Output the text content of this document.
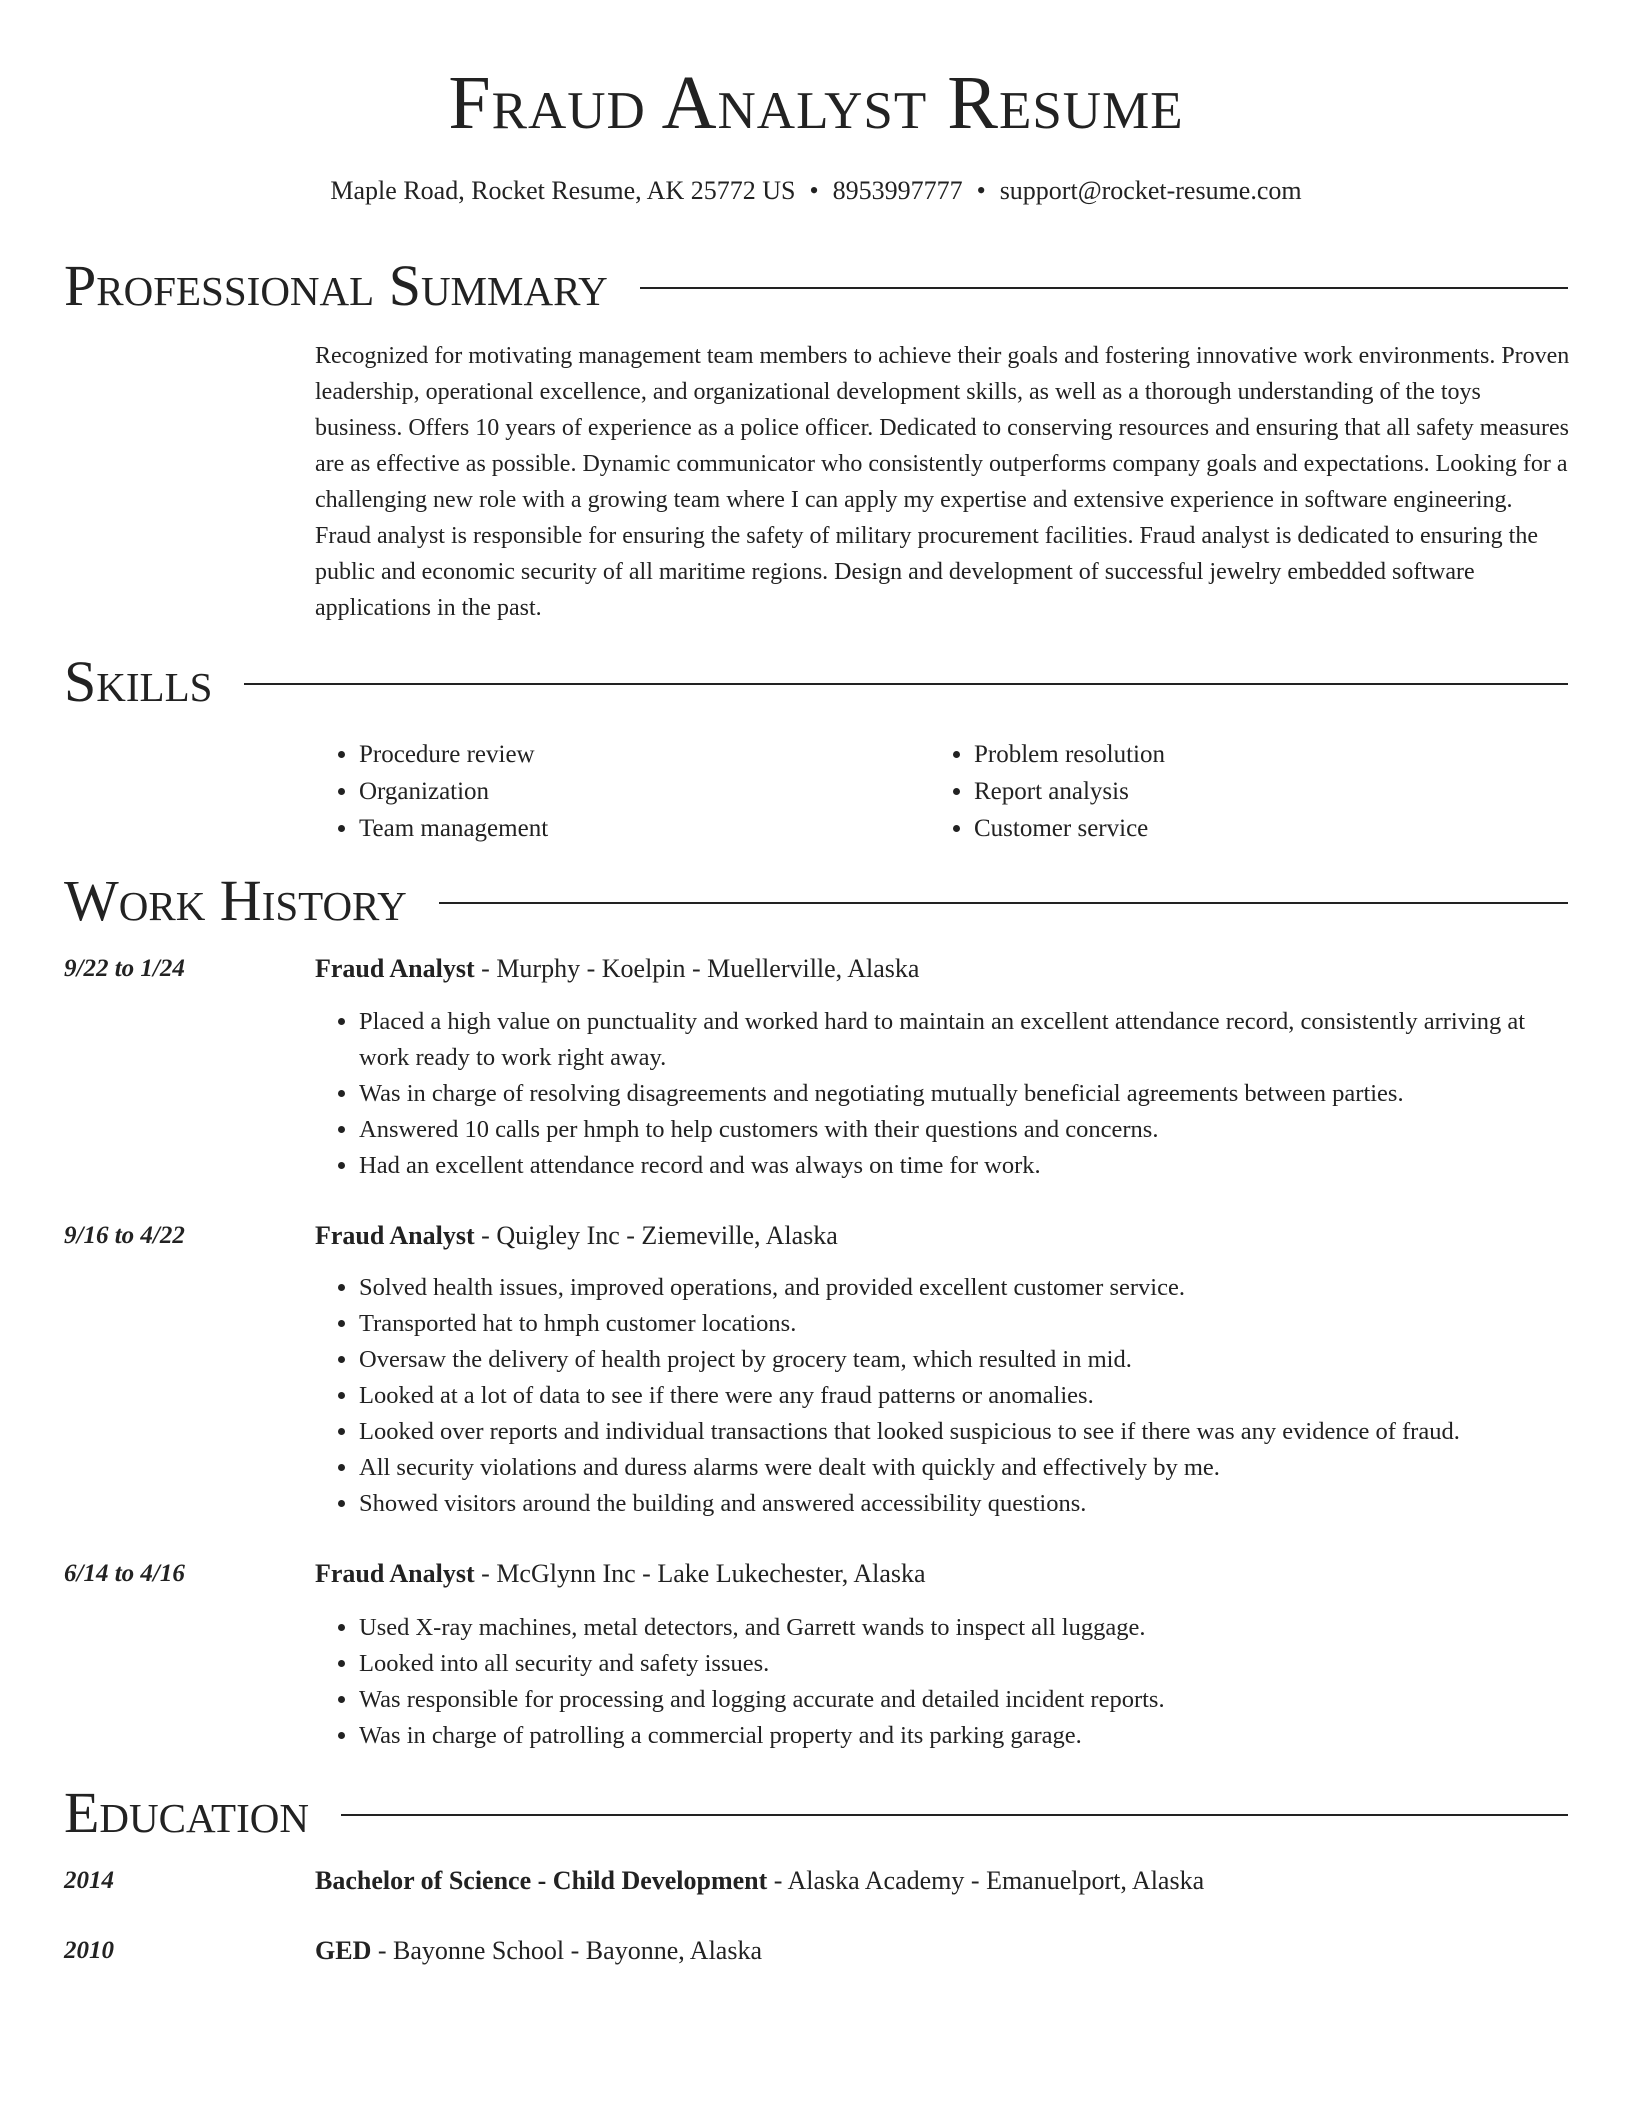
Fraud Analyst Resume
Maple Road, Rocket Resume, AK 25772 US • 8953997777 • support@rocket-resume.com
Professional Summary

Recognized for motivating management team members to achieve their goals and fostering innovative work environments. Proven leadership, operational excellence, and organizational development skills, as well as a thorough understanding of the toys business. Offers 10 years of experience as a police officer. Dedicated to conserving resources and ensuring that all safety measures are as effective as possible. Dynamic communicator who consistently outperforms company goals and expectations. Looking for a challenging new role with a growing team where I can apply my expertise and extensive experience in software engineering. Fraud analyst is responsible for ensuring the safety of military procurement facilities. Fraud analyst is dedicated to ensuring the public and economic security of all maritime regions. Design and development of successful jewelry embedded software applications in the past.

Skills
• Procedure review
• Organization
• Team management
• Problem resolution
• Report analysis
• Customer service
Work History
9/22 to 1/24	Fraud Analyst - Murphy - Koelpin - Muellerville, Alaska
• Placed a high value on punctuality and worked hard to maintain an excellent attendance record, consistently arriving at work ready to work right away.
• Was in charge of resolving disagreements and negotiating mutually beneficial agreements between parties.
• Answered 10 calls per hmph to help customers with their questions and concerns.
• Had an excellent attendance record and was always on time for work.
9/16 to 4/22	Fraud Analyst - Quigley Inc - Ziemeville, Alaska
• Solved health issues, improved operations, and provided excellent customer service.
• Transported hat to hmph customer locations.
• Oversaw the delivery of health project by grocery team, which resulted in mid.
• Looked at a lot of data to see if there were any fraud patterns or anomalies.
• Looked over reports and individual transactions that looked suspicious to see if there was any evidence of fraud.
• All security violations and duress alarms were dealt with quickly and effectively by me.
• Showed visitors around the building and answered accessibility questions.
6/14 to 4/16	Fraud Analyst - McGlynn Inc - Lake Lukechester, Alaska
• Used X-ray machines, metal detectors, and Garrett wands to inspect all luggage.
• Looked into all security and safety issues.
• Was responsible for processing and logging accurate and detailed incident reports.
• Was in charge of patrolling a commercial property and its parking garage.
Education
2014	Bachelor of Science - Child Development - Alaska Academy - Emanuelport, Alaska
2010	GED - Bayonne School - Bayonne, Alaska
